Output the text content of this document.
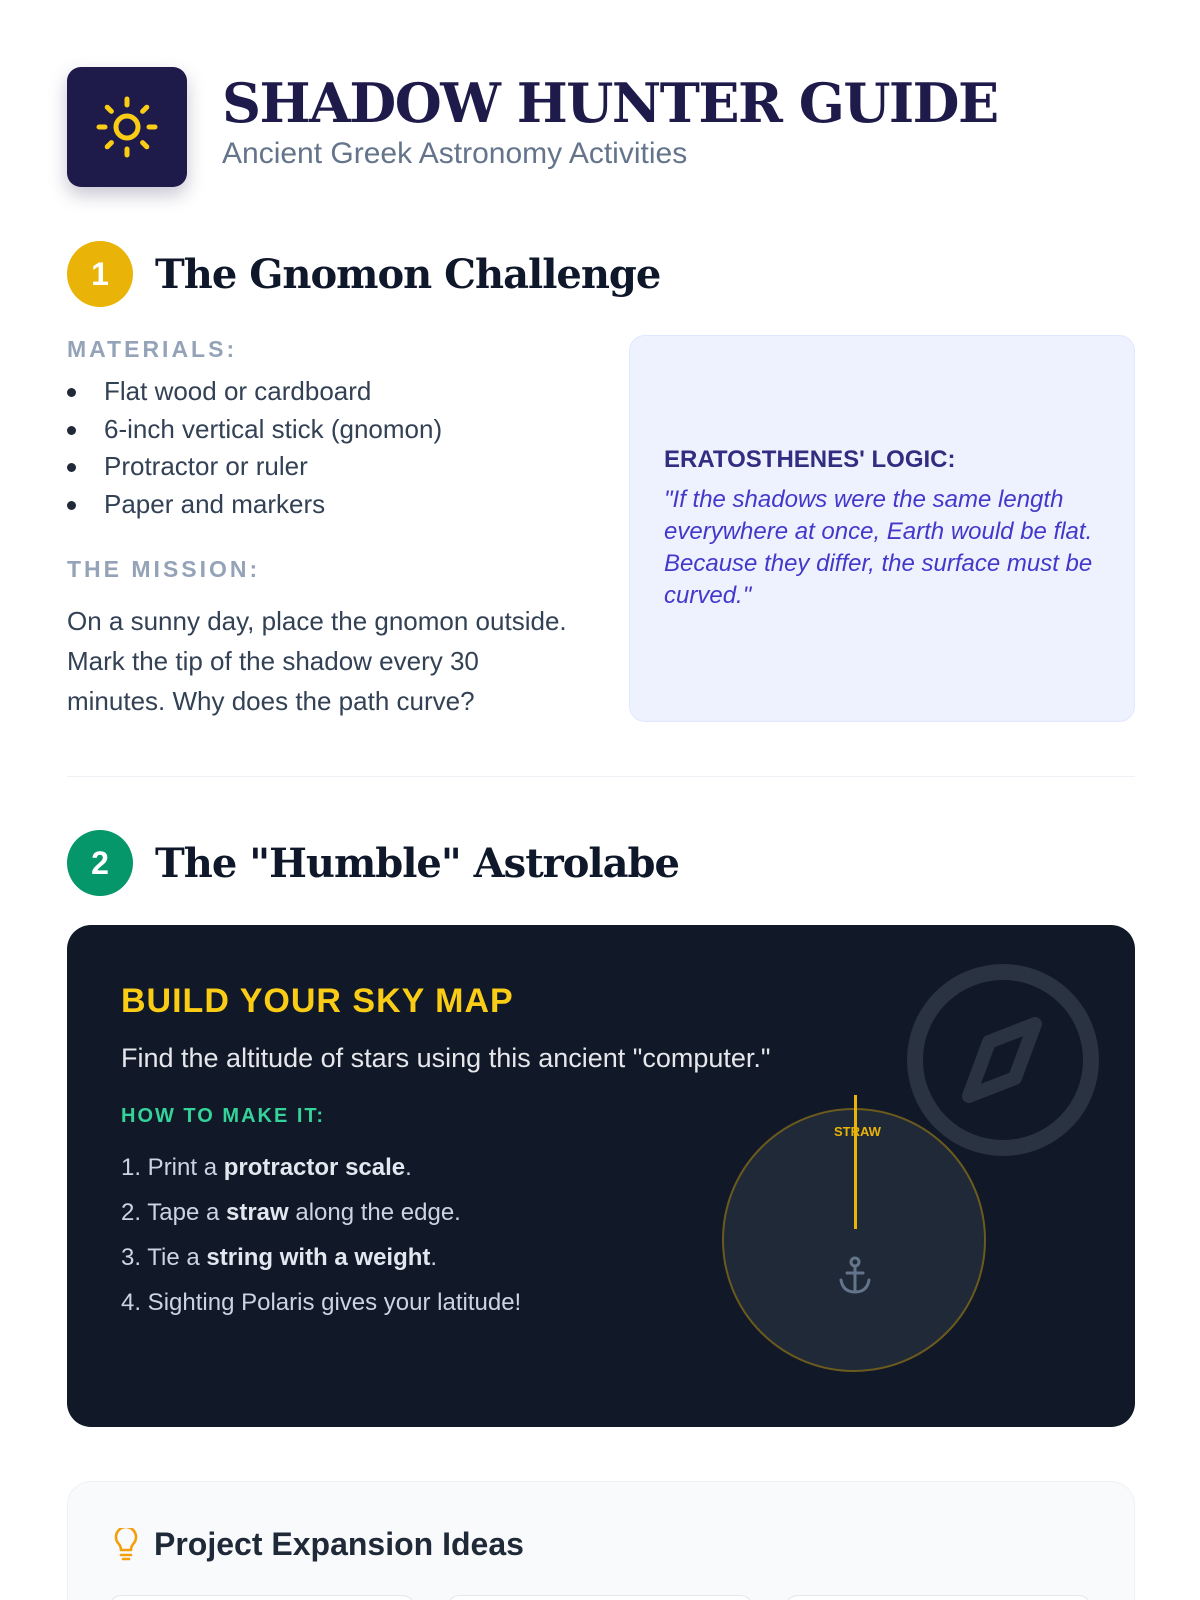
SHADOW HUNTER GUIDE
Ancient Greek Astronomy Activities
1	The Gnomon Challenge
MATERIALS:
Flat wood or cardboard
6-inch vertical stick (gnomon)
Protractor or ruler
Paper and markers
THE MISSION:

On a sunny day, place the gnomon outside. Mark the tip of the shadow every 30 minutes. Why does the path curve?

ERATOSTHENES' LOGIC:
"If the shadows were the same length everywhere at once, Earth would be flat. Because they differ, the surface must be curved."
2	The "Humble" Astrolabe
BUILD YOUR SKY MAP
Find the altitude of stars using this ancient "computer."
HOW TO MAKE IT:
1. Print a protractor scale.
2. Tape a straw along the edge.
3. Tie a string with a weight.
4. Sighting Polaris gives your latitude!
STRAW
Project Expansion Ideas
